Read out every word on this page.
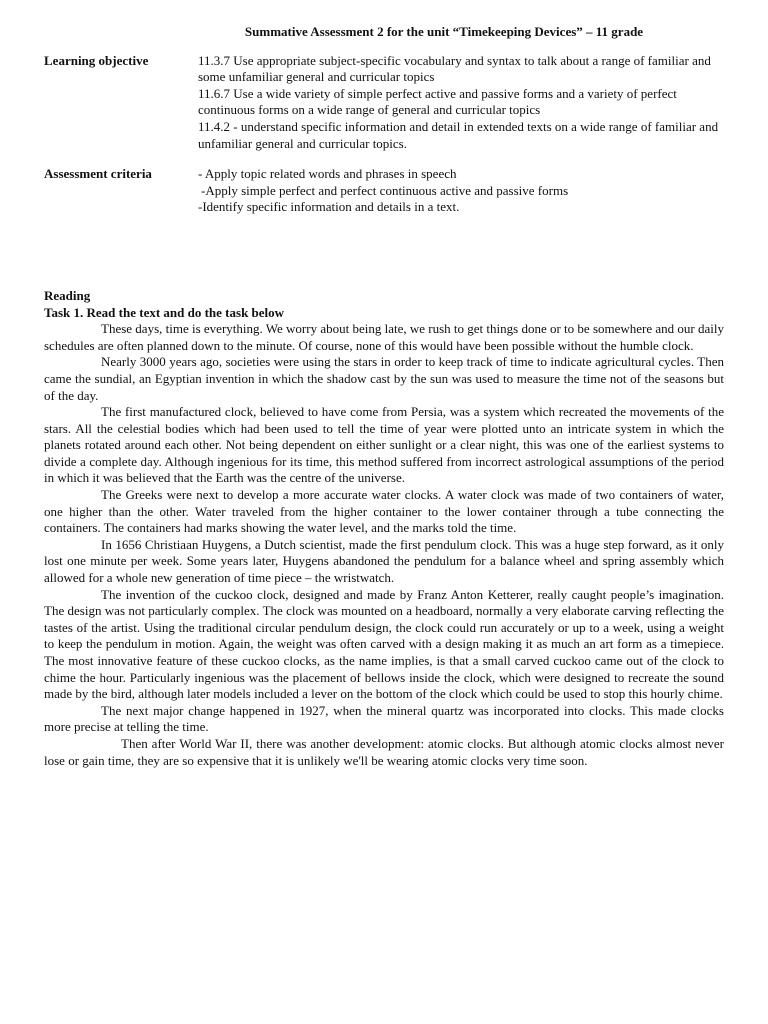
Summative Assessment 2 for the unit “Timekeeping Devices” – 11 grade
Learning objective	11.3.7 Use appropriate subject-specific vocabulary and syntax to talk about a range of familiar and some unfamiliar general and curricular topics
11.6.7 Use a wide variety of simple perfect active and passive forms and a variety of perfect continuous forms on a wide range of general and curricular topics
11.4.2 - understand specific information and detail in extended texts on a wide range of familiar and unfamiliar general and curricular topics.
Assessment criteria	- Apply topic related words and phrases in speech
-Apply simple perfect and perfect continuous active and passive forms
-Identify specific information and details in a text.
Reading
Task 1. Read the text and do the task below

These days, time is everything. We worry about being late, we rush to get things done or to be somewhere and our daily schedules are often planned down to the minute. Of course, none of this would have been possible without the humble clock.

Nearly 3000 years ago, societies were using the stars in order to keep track of time to indicate agricultural cycles. Then came the sundial, an Egyptian invention in which the shadow cast by the sun was used to measure the time not of the seasons but of the day.

The first manufactured clock, believed to have come from Persia, was a system which recreated the movements of the stars. All the celestial bodies which had been used to tell the time of year were plotted unto an intricate system in which the planets rotated around each other. Not being dependent on either sunlight or a clear night, this was one of the earliest systems to divide a complete day. Although ingenious for its time, this method suffered from incorrect astrological assumptions of the period in which it was believed that the Earth was the centre of the universe.

The Greeks were next to develop a more accurate water clocks. A water clock was made of two containers of water, one higher than the other. Water traveled from the higher container to the lower container through a tube connecting the containers. The containers had marks showing the water level, and the marks told the time.

In 1656 Christiaan Huygens, a Dutch scientist, made the first pendulum clock. This was a huge step forward, as it only lost one minute per week. Some years later, Huygens abandoned the pendulum for a balance wheel and spring assembly which allowed for a whole new generation of time piece – the wristwatch.

The invention of the cuckoo clock, designed and made by Franz Anton Ketterer, really caught people’s imagination. The design was not particularly complex. The clock was mounted on a headboard, normally a very elaborate carving reflecting the tastes of the artist. Using the traditional circular pendulum design, the clock could run accurately or up to a week, using a weight to keep the pendulum in motion. Again, the weight was often carved with a design making it as much an art form as a timepiece. The most innovative feature of these cuckoo clocks, as the name implies, is that a small carved cuckoo came out of the clock to chime the hour. Particularly ingenious was the placement of bellows inside the clock, which were designed to recreate the sound made by the bird, although later models included a lever on the bottom of the clock which could be used to stop this hourly chime.

The next major change happened in 1927, when the mineral quartz was incorporated into clocks. This made clocks more precise at telling the time.

Then after World War II, there was another development: atomic clocks. But although atomic clocks almost never lose or gain time, they are so expensive that it is unlikely we'll be wearing atomic clocks very time soon.
